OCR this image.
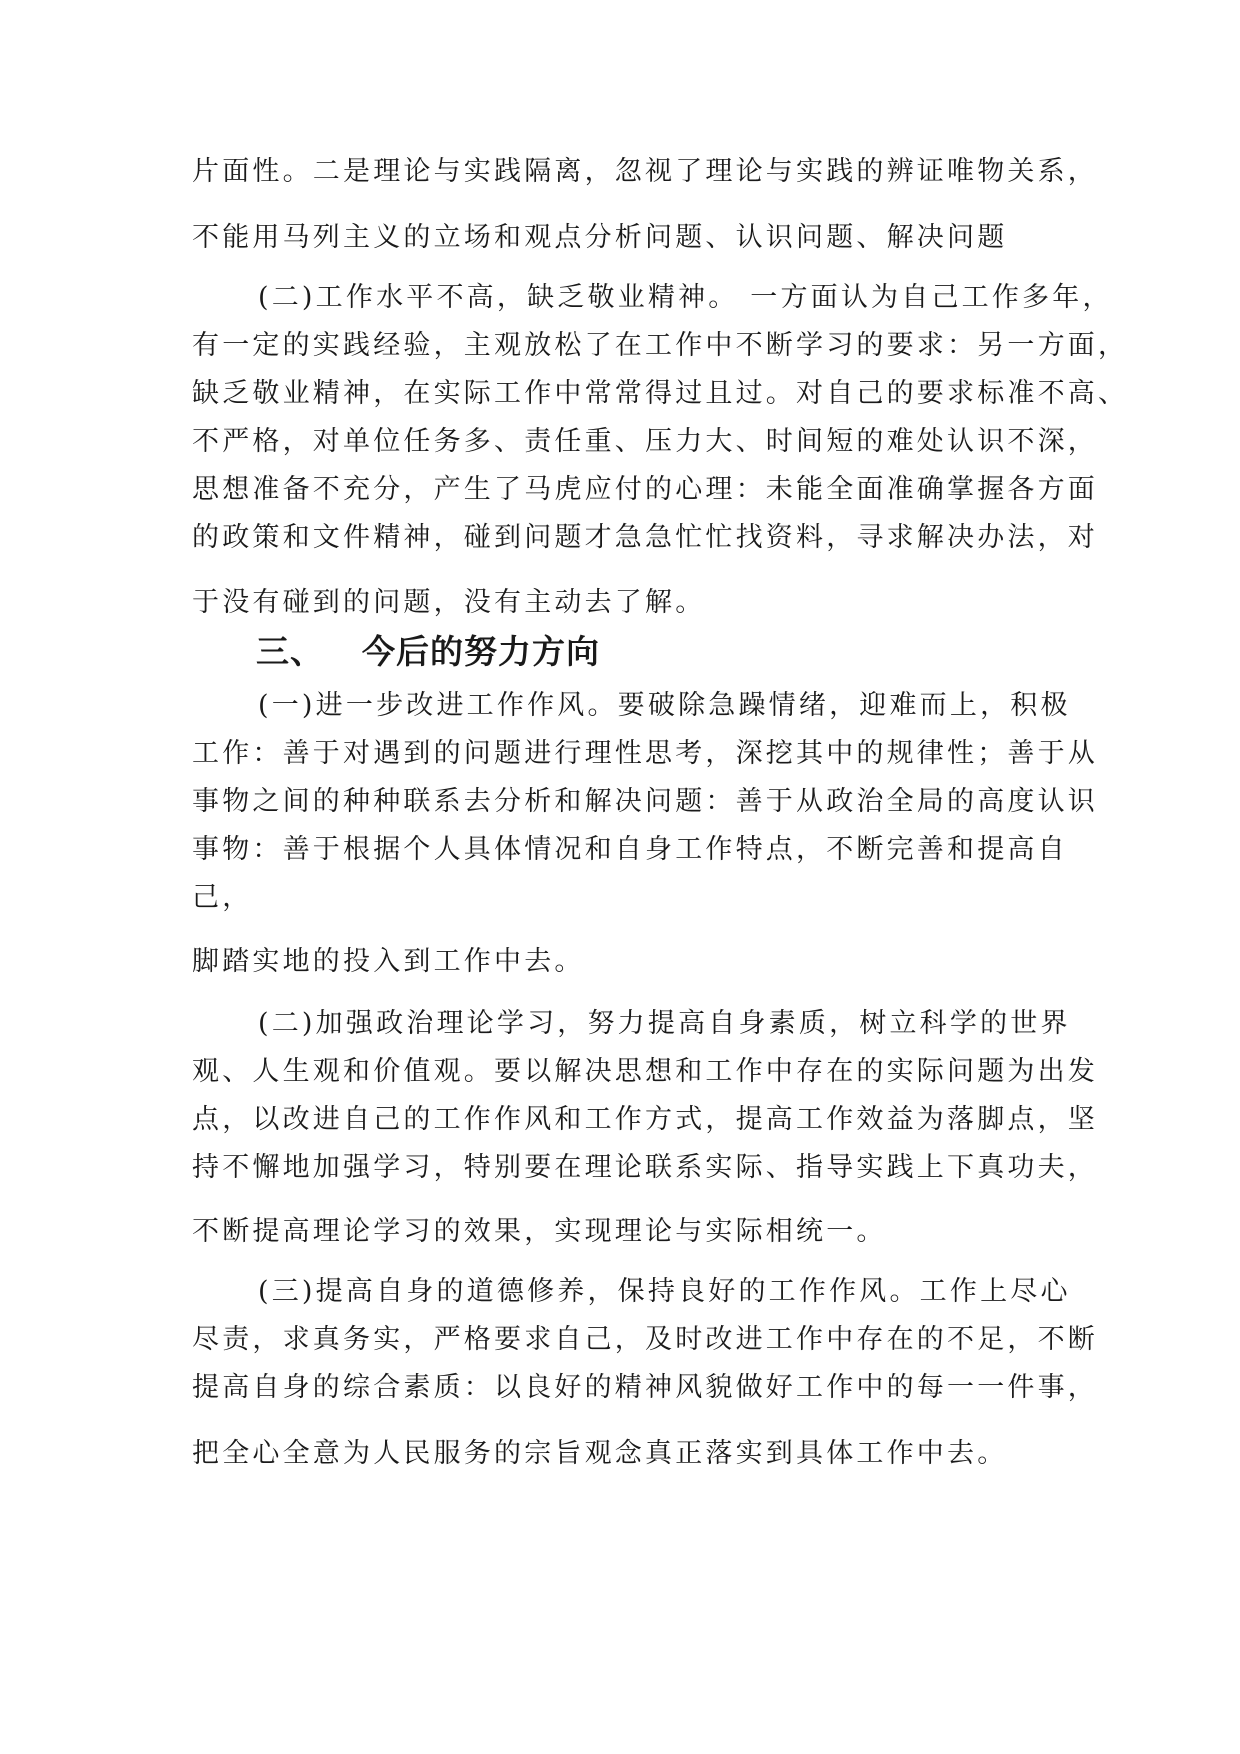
片面性。二是理论与实践隔离，忽视了理论与实践的辨证唯物关系，
不能用马列主义的立场和观点分析问题、认识问题、解决问题
(二)工作水平不高，缺乏敬业精神。 一方面认为自己工作多年，
有一定的实践经验，主观放松了在工作中不断学习的要求：另一方面，
缺乏敬业精神，在实际工作中常常得过且过。对自己的要求标准不高、
不严格，对单位任务多、责任重、压力大、时间短的难处认识不深，
思想准备不充分，产生了马虎应付的心理：未能全面准确掌握各方面
的政策和文件精神，碰到问题才急急忙忙找资料，寻求解决办法，对
于没有碰到的问题，没有主动去了解。
三、 今后的努力方向
(一)进一步改进工作作风。要破除急躁情绪，迎难而上，积极
工作：善于对遇到的问题进行理性思考，深挖其中的规律性；善于从
事物之间的种种联系去分析和解决问题：善于从政治全局的高度认识
事物：善于根据个人具体情况和自身工作特点，不断完善和提高自
己，
脚踏实地的投入到工作中去。
(二)加强政治理论学习，努力提高自身素质，树立科学的世界
观、人生观和价值观。要以解决思想和工作中存在的实际问题为出发
点，以改进自己的工作作风和工作方式，提高工作效益为落脚点，坚
持不懈地加强学习，特别要在理论联系实际、指导实践上下真功夫，
不断提高理论学习的效果，实现理论与实际相统一。
(三)提高自身的道德修养，保持良好的工作作风。工作上尽心
尽责，求真务实，严格要求自己，及时改进工作中存在的不足，不断
提高自身的综合素质：以良好的精神风貌做好工作中的每一一件事，
把全心全意为人民服务的宗旨观念真正落实到具体工作中去。
